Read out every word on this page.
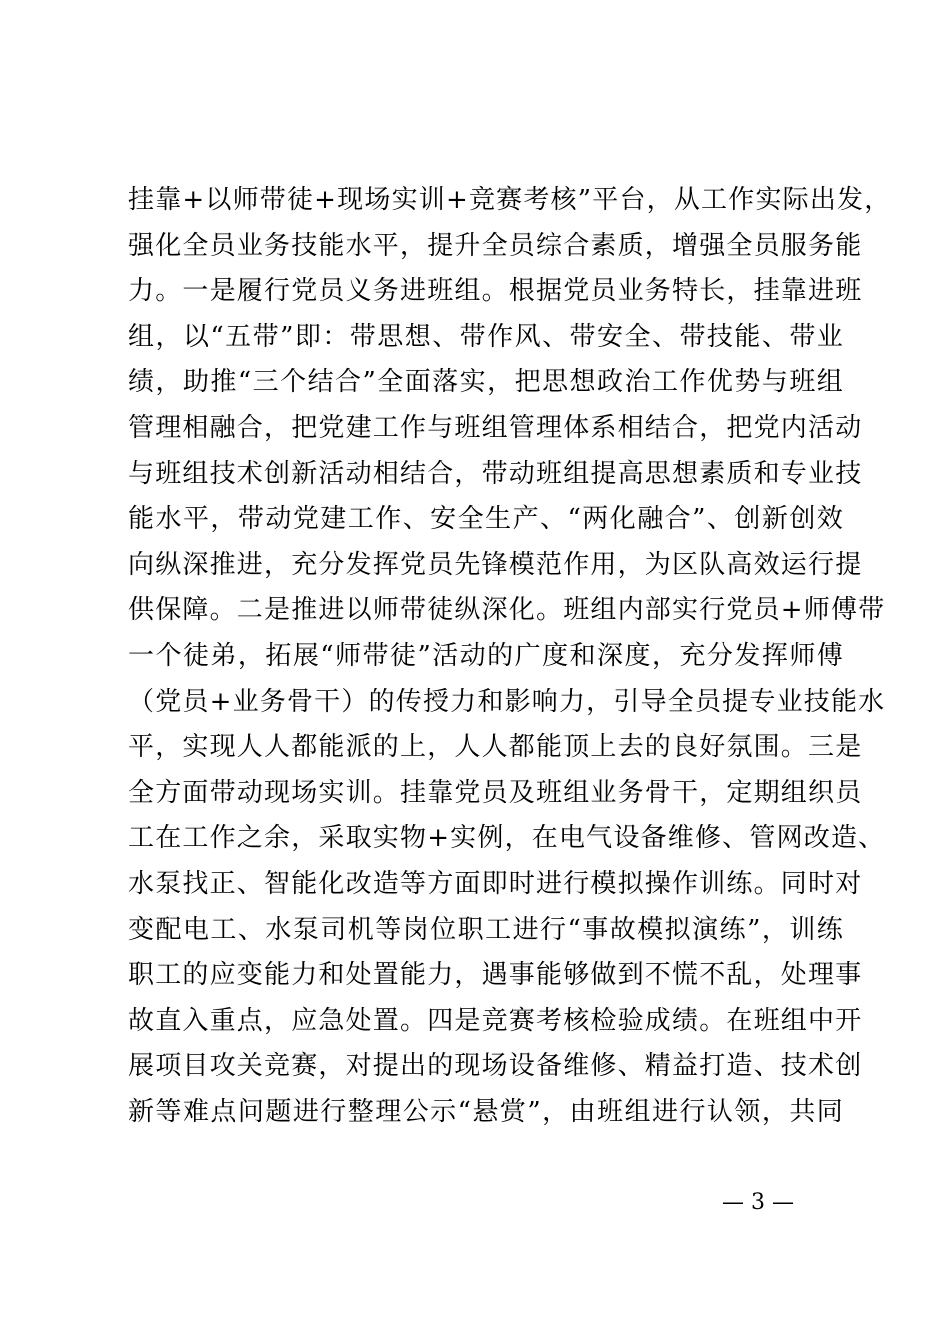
挂靠+以师带徒+现场实训+竞赛考核”平台，从工作实际出发，
强化全员业务技能水平，提升全员综合素质，增强全员服务能
力。一是履行党员义务进班组。根据党员业务特长，挂靠进班
组，以“五带”即：带思想、带作风、带安全、带技能、带业
绩，助推“三个结合”全面落实，把思想政治工作优势与班组
管理相融合，把党建工作与班组管理体系相结合，把党内活动
与班组技术创新活动相结合，带动班组提高思想素质和专业技
能水平，带动党建工作、安全生产、“两化融合”、创新创效
向纵深推进，充分发挥党员先锋模范作用，为区队高效运行提
供保障。二是推进以师带徒纵深化。班组内部实行党员+师傅带
一个徒弟，拓展“师带徒”活动的广度和深度，充分发挥师傅
（党员+业务骨干）的传授力和影响力，引导全员提专业技能水
平，实现人人都能派的上，人人都能顶上去的良好氛围。三是
全方面带动现场实训。挂靠党员及班组业务骨干，定期组织员
工在工作之余，采取实物+实例，在电气设备维修、管网改造、
水泵找正、智能化改造等方面即时进行模拟操作训练。同时对
变配电工、水泵司机等岗位职工进行“事故模拟演练”，训练
职工的应变能力和处置能力，遇事能够做到不慌不乱，处理事
故直入重点，应急处置。四是竞赛考核检验成绩。在班组中开
展项目攻关竞赛，对提出的现场设备维修、精益打造、技术创
新等难点问题进行整理公示“悬赏”，由班组进行认领，共同
— 3 —
